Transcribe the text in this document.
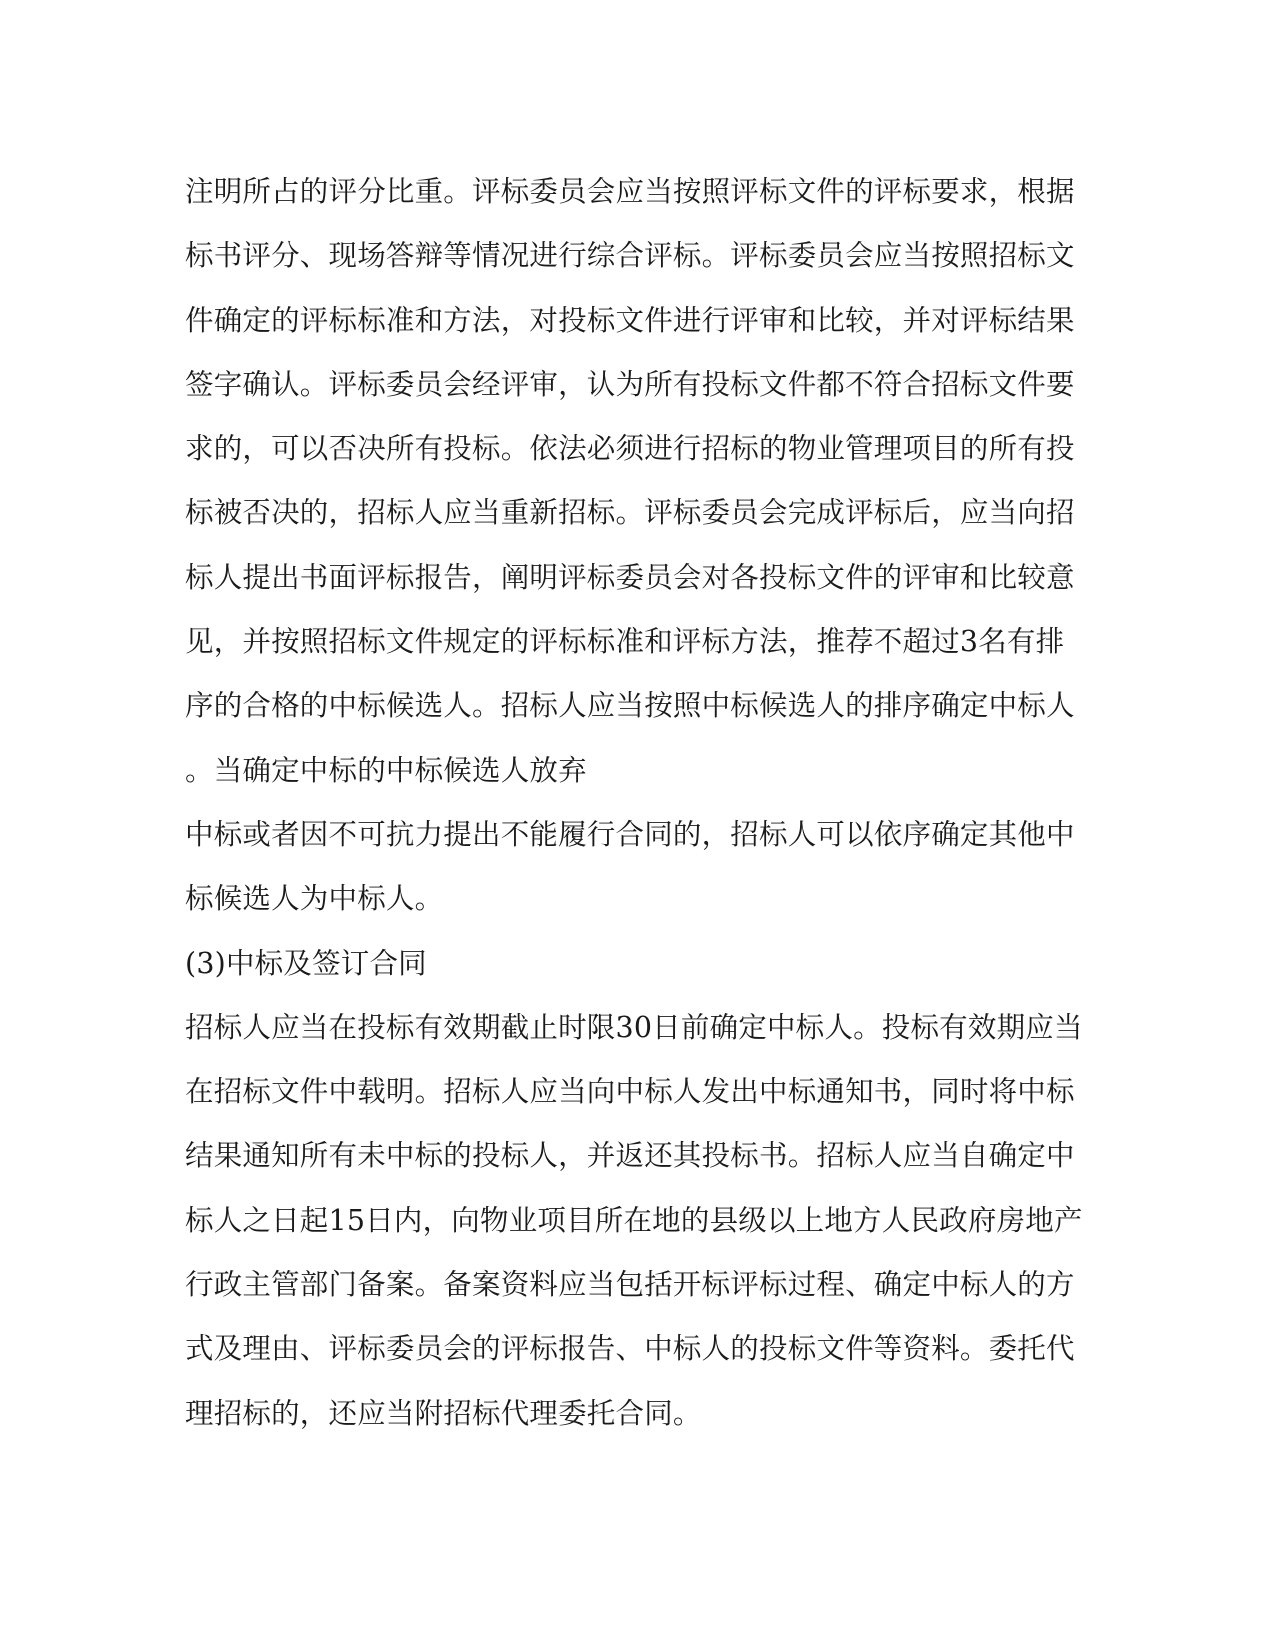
注明所占的评分比重。评标委员会应当按照评标文件的评标要求，根据
标书评分、现场答辩等情况进行综合评标。评标委员会应当按照招标文
件确定的评标标准和方法，对投标文件进行评审和比较，并对评标结果
签字确认。评标委员会经评审，认为所有投标文件都不符合招标文件要
求的，可以否决所有投标。依法必须进行招标的物业管理项目的所有投
标被否决的，招标人应当重新招标。评标委员会完成评标后，应当向招
标人提出书面评标报告，阐明评标委员会对各投标文件的评审和比较意
见，并按照招标文件规定的评标标准和评标方法，推荐不超过3名有排
序的合格的中标候选人。招标人应当按照中标候选人的排序确定中标人
。当确定中标的中标候选人放弃
中标或者因不可抗力提出不能履行合同的，招标人可以依序确定其他中
标候选人为中标人。
(3)中标及签订合同
招标人应当在投标有效期截止时限30日前确定中标人。投标有效期应当
在招标文件中载明。招标人应当向中标人发出中标通知书，同时将中标
结果通知所有未中标的投标人，并返还其投标书。招标人应当自确定中
标人之日起15日内，向物业项目所在地的县级以上地方人民政府房地产
行政主管部门备案。备案资料应当包括开标评标过程、确定中标人的方
式及理由、评标委员会的评标报告、中标人的投标文件等资料。委托代
理招标的，还应当附招标代理委托合同。
